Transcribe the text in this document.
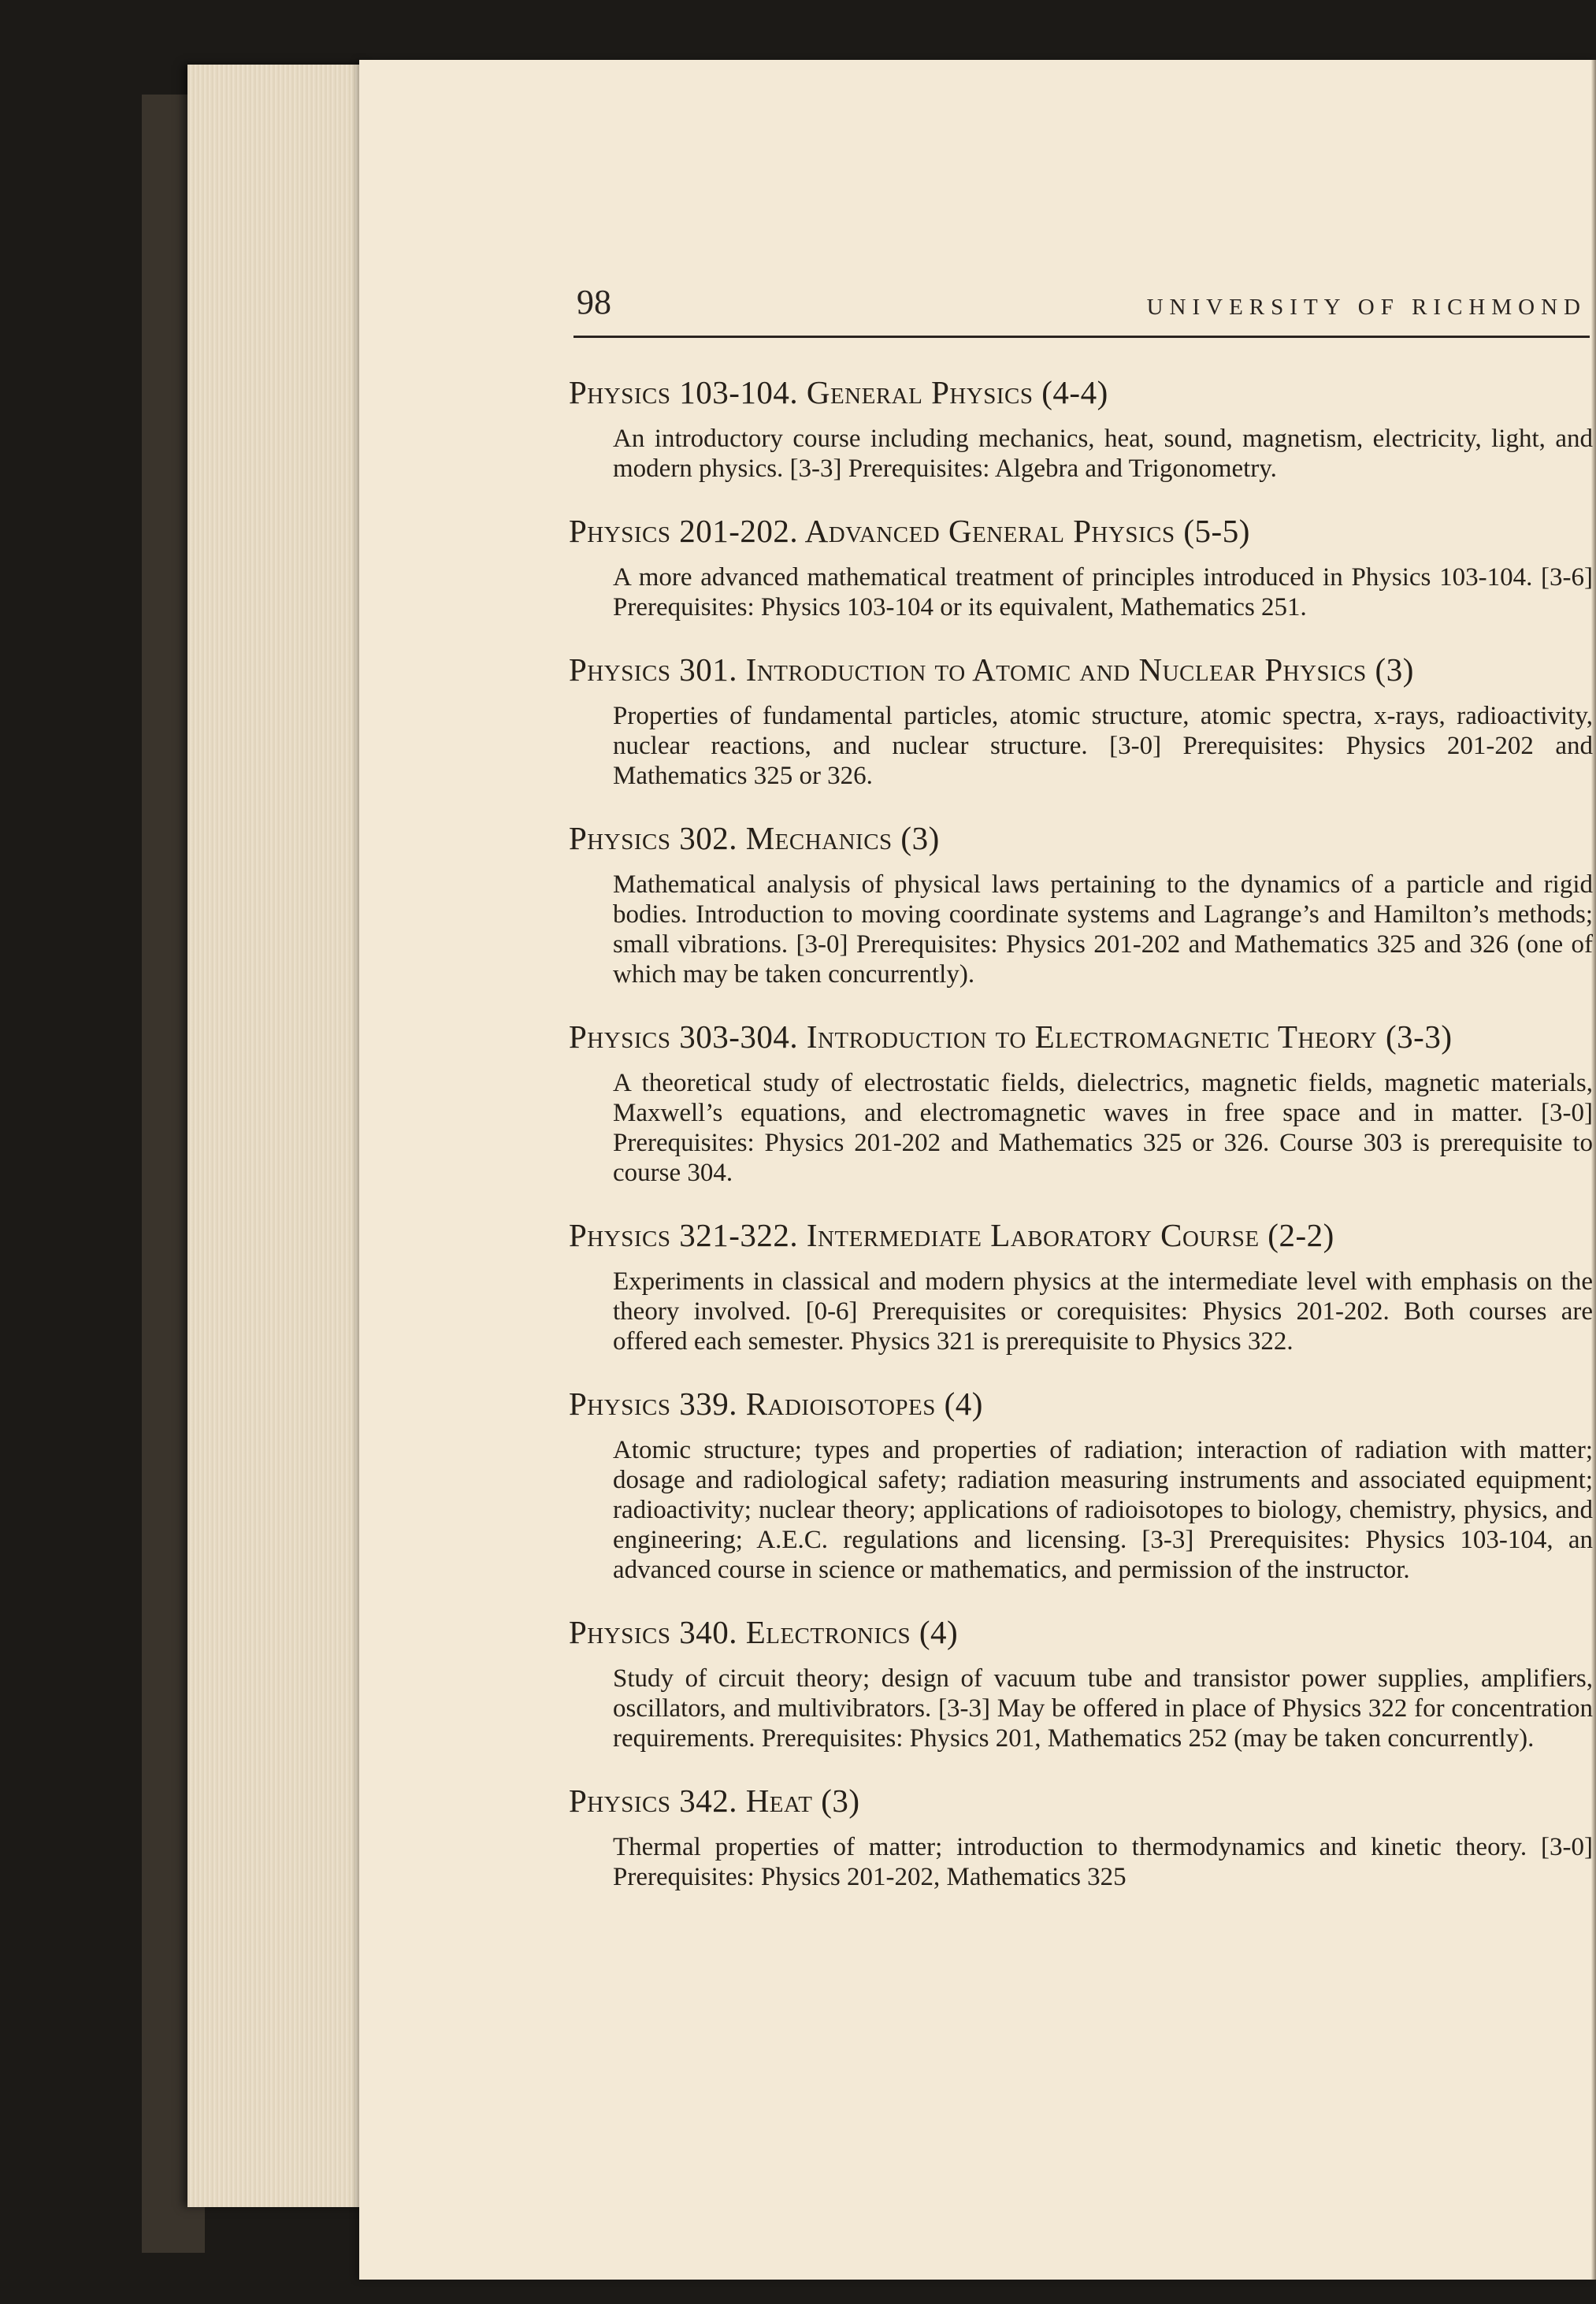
98	UNIVERSITY OF RICHMOND
Physics 103-104. General Physics (4-4)
An introductory course including mechanics, heat, sound, magnetism, electricity, light, and modern physics. [3-3] Prerequisites: Algebra and Trigonometry.
Physics 201-202. Advanced General Physics (5-5)
A more advanced mathematical treatment of principles introduced in Physics 103-104. [3-6] Prerequisites: Physics 103-104 or its equivalent, Mathematics 251.
Physics 301. Introduction to Atomic and Nuclear Physics (3)
Properties of fundamental particles, atomic structure, atomic spectra, x-rays, radioactivity, nuclear reactions, and nuclear structure. [3-0] Prerequisites: Physics 201-202 and Mathematics 325 or 326.
Physics 302. Mechanics (3)
Mathematical analysis of physical laws pertaining to the dynamics of a particle and rigid bodies. Introduction to moving coordinate systems and Lagrange’s and Hamilton’s methods; small vibrations. [3-0] Prerequisites: Physics 201-202 and Mathematics 325 and 326 (one of which may be taken concurrently).
Physics 303-304. Introduction to Electromagnetic Theory (3-3)
A theoretical study of electrostatic fields, dielectrics, magnetic fields, magnetic materials, Maxwell’s equations, and electromagnetic waves in free space and in matter. [3-0] Prerequisites: Physics 201-202 and Mathematics 325 or 326. Course 303 is prerequisite to course 304.
Physics 321-322. Intermediate Laboratory Course (2-2)
Experiments in classical and modern physics at the intermediate level with emphasis on the theory involved. [0-6] Prerequisites or corequisites: Physics 201-202. Both courses are offered each semester. Physics 321 is prerequisite to Physics 322.
Physics 339. Radioisotopes (4)
Atomic structure; types and properties of radiation; interaction of radiation with matter; dosage and radiological safety; radiation measuring instruments and associated equipment; radioactivity; nuclear theory; applications of radioisotopes to biology, chemistry, physics, and engineering; A.E.C. regulations and licensing. [3-3] Prerequisites: Physics 103-104, an advanced course in science or mathematics, and permission of the instructor.
Physics 340. Electronics (4)
Study of circuit theory; design of vacuum tube and transistor power supplies, amplifiers, oscillators, and multivibrators. [3-3] May be offered in place of Physics 322 for concentration requirements. Prerequisites: Physics 201, Mathematics 252 (may be taken concurrently).
Physics 342. Heat (3)
Thermal properties of matter; introduction to thermodynamics and kinetic theory. [3-0] Prerequisites: Physics 201-202, Mathematics 325
